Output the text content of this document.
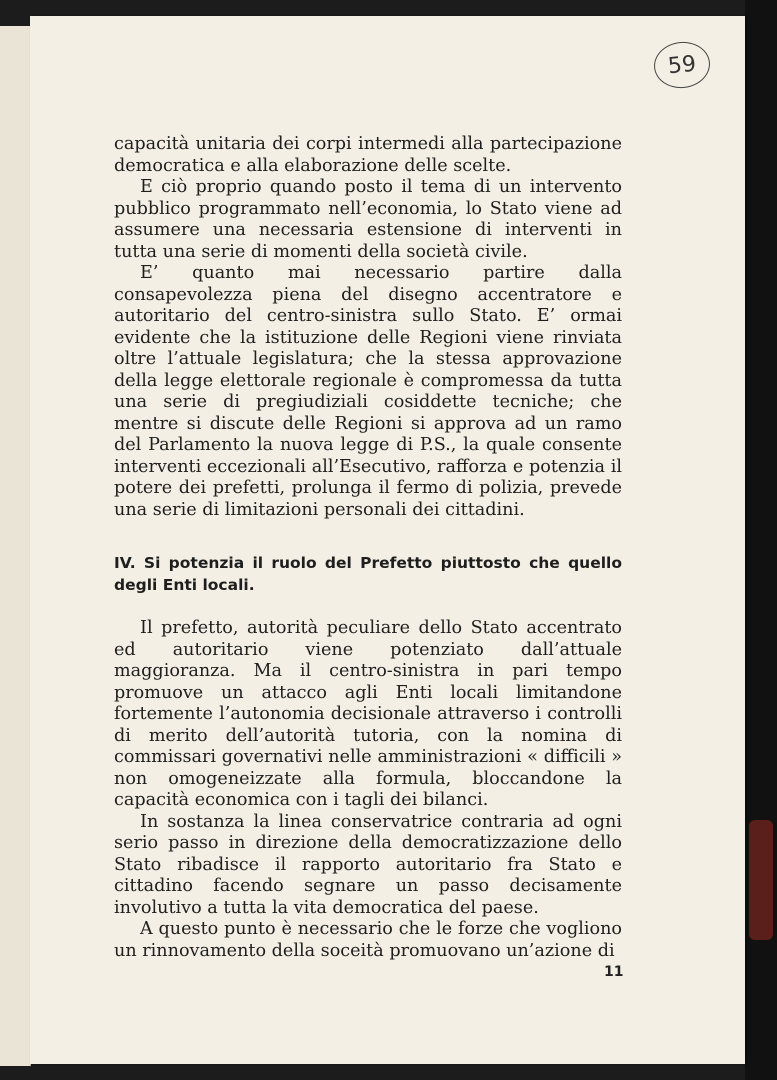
59

capacità unitaria dei corpi intermedi alla partecipazione democratica e alla elaborazione delle scelte.

E ciò proprio quando posto il tema di un intervento pubblico programmato nell’economia, lo Stato viene ad assumere una necessaria estensione di interventi in tutta una serie di momenti della società civile.

E’ quanto mai necessario partire dalla consapevolezza piena del disegno accentratore e autoritario del centro-sinistra sullo Stato. E’ ormai evidente che la istituzione delle Regioni viene rinviata oltre l’attuale legislatura; che la stessa approvazione della legge elettorale regionale è compromessa da tutta una serie di pregiudiziali cosiddette tecniche; che mentre si discute delle Regioni si approva ad un ramo del Parlamento la nuova legge di P.S., la quale consente interventi eccezionali all’Esecutivo, rafforza e potenzia il potere dei prefetti, prolunga il fermo di polizia, prevede una serie di limitazioni personali dei cittadini.

IV. Si potenzia il ruolo del Prefetto piuttosto che quello degli Enti locali.

Il prefetto, autorità peculiare dello Stato accentrato ed autoritario viene potenziato dall’attuale maggioranza. Ma il centro-sinistra in pari tempo promuove un attacco agli Enti locali limitandone fortemente l’autonomia decisionale attraverso i controlli di merito dell’autorità tutoria, con la nomina di commissari governativi nelle amministrazioni « difficili » non omogeneizzate alla formula, bloccandone la capacità economica con i tagli dei bilanci.

In sostanza la linea conservatrice contraria ad ogni serio passo in direzione della democratizzazione dello Stato ribadisce il rapporto autoritario fra Stato e cittadino facendo segnare un passo decisamente involutivo a tutta la vita democratica del paese.

A questo punto è necessario che le forze che vogliono un rinnovamento della soceità promuovano un’azione di

11
